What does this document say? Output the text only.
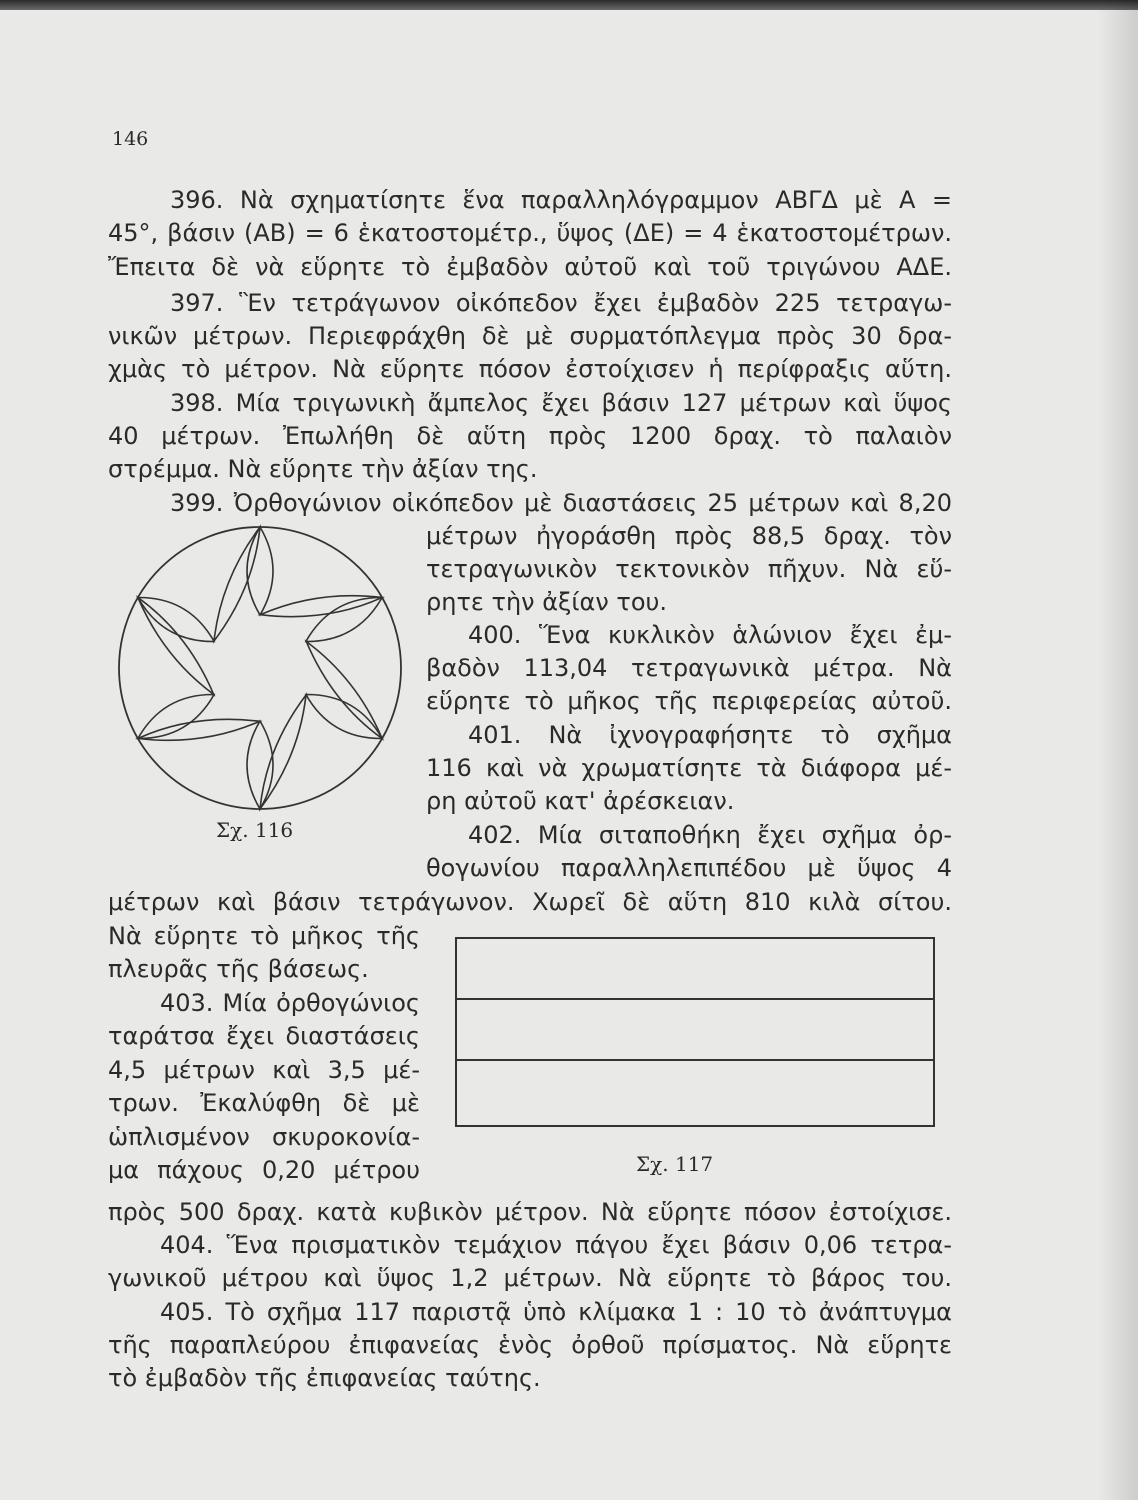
146
396. Νὰ σχηματίσητε ἕνα παραλληλόγραμμον ΑΒΓΔ μὲ Α =
45°, βάσιν (ΑΒ) = 6 ἑκατοστομέτρ., ὕψος (ΔΕ) = 4 ἑκατοστομέτρων.
Ἔπειτα δὲ νὰ εὕρητε τὸ ἐμβαδὸν αὐτοῦ καὶ τοῦ τριγώνου ΑΔΕ.
397. Ἓν τετράγωνον οἰκόπεδον ἔχει ἐμβαδὸν 225 τετραγω-
νικῶν μέτρων. Περιεφράχθη δὲ μὲ συρματόπλεγμα πρὸς 30 δρα-
χμὰς τὸ μέτρον. Νὰ εὕρητε πόσον ἐστοίχισεν ἡ περίφραξις αὕτη.
398. Μία τριγωνικὴ ἄμπελος ἔχει βάσιν 127 μέτρων καὶ ὕψος
40 μέτρων. Ἐπωλήθη δὲ αὕτη πρὸς 1200 δραχ. τὸ παλαιὸν
στρέμμα. Νὰ εὕρητε τὴν ἀξίαν της.
399. Ὀρθογώνιον οἰκόπεδον μὲ διαστάσεις 25 μέτρων καὶ 8,20
μέτρων ἠγοράσθη πρὸς 88,5 δραχ. τὸν
τετραγωνικὸν τεκτονικὸν πῆχυν. Νὰ εὕ-
ρητε τὴν ἀξίαν του.
400. Ἕνα κυκλικὸν ἁλώνιον ἔχει ἐμ-
βαδὸν 113,04 τετραγωνικὰ μέτρα. Νὰ
εὕρητε τὸ μῆκος τῆς περιφερείας αὐτοῦ.
401. Νὰ ἰχνογραφήσητε τὸ σχῆμα
116 καὶ νὰ χρωματίσητε τὰ διάφορα μέ-
ρη αὐτοῦ κατ' ἀρέσκειαν.
402. Μία σιταποθήκη ἔχει σχῆμα ὀρ-
θογωνίου παραλληλεπιπέδου μὲ ὕψος 4
μέτρων καὶ βάσιν τετράγωνον. Χωρεῖ δὲ αὕτη 810 κιλὰ σίτου.
Νὰ εὕρητε τὸ μῆκος τῆς
πλευρᾶς τῆς βάσεως.
403. Μία ὀρθογώνιος
ταράτσα ἔχει διαστάσεις
4,5 μέτρων καὶ 3,5 μέ-
τρων. Ἐκαλύφθη δὲ μὲ
ὡπλισμένον σκυροκονία-
μα πάχους 0,20 μέτρου
πρὸς 500 δραχ. κατὰ κυβικὸν μέτρον. Νὰ εὕρητε πόσον ἐστοίχισε.
404. Ἕνα πρισματικὸν τεμάχιον πάγου ἔχει βάσιν 0,06 τετρα-
γωνικοῦ μέτρου καὶ ὕψος 1,2 μέτρων. Νὰ εὕρητε τὸ βάρος του.
405. Τὸ σχῆμα 117 παριστᾷ ὑπὸ κλίμακα 1 : 10 τὸ ἀνάπτυγμα
τῆς παραπλεύρου ἐπιφανείας ἑνὸς ὀρθοῦ πρίσματος. Νὰ εὕρητε
τὸ ἐμβαδὸν τῆς ἐπιφανείας ταύτης.
Σχ. 116
Σχ. 117
